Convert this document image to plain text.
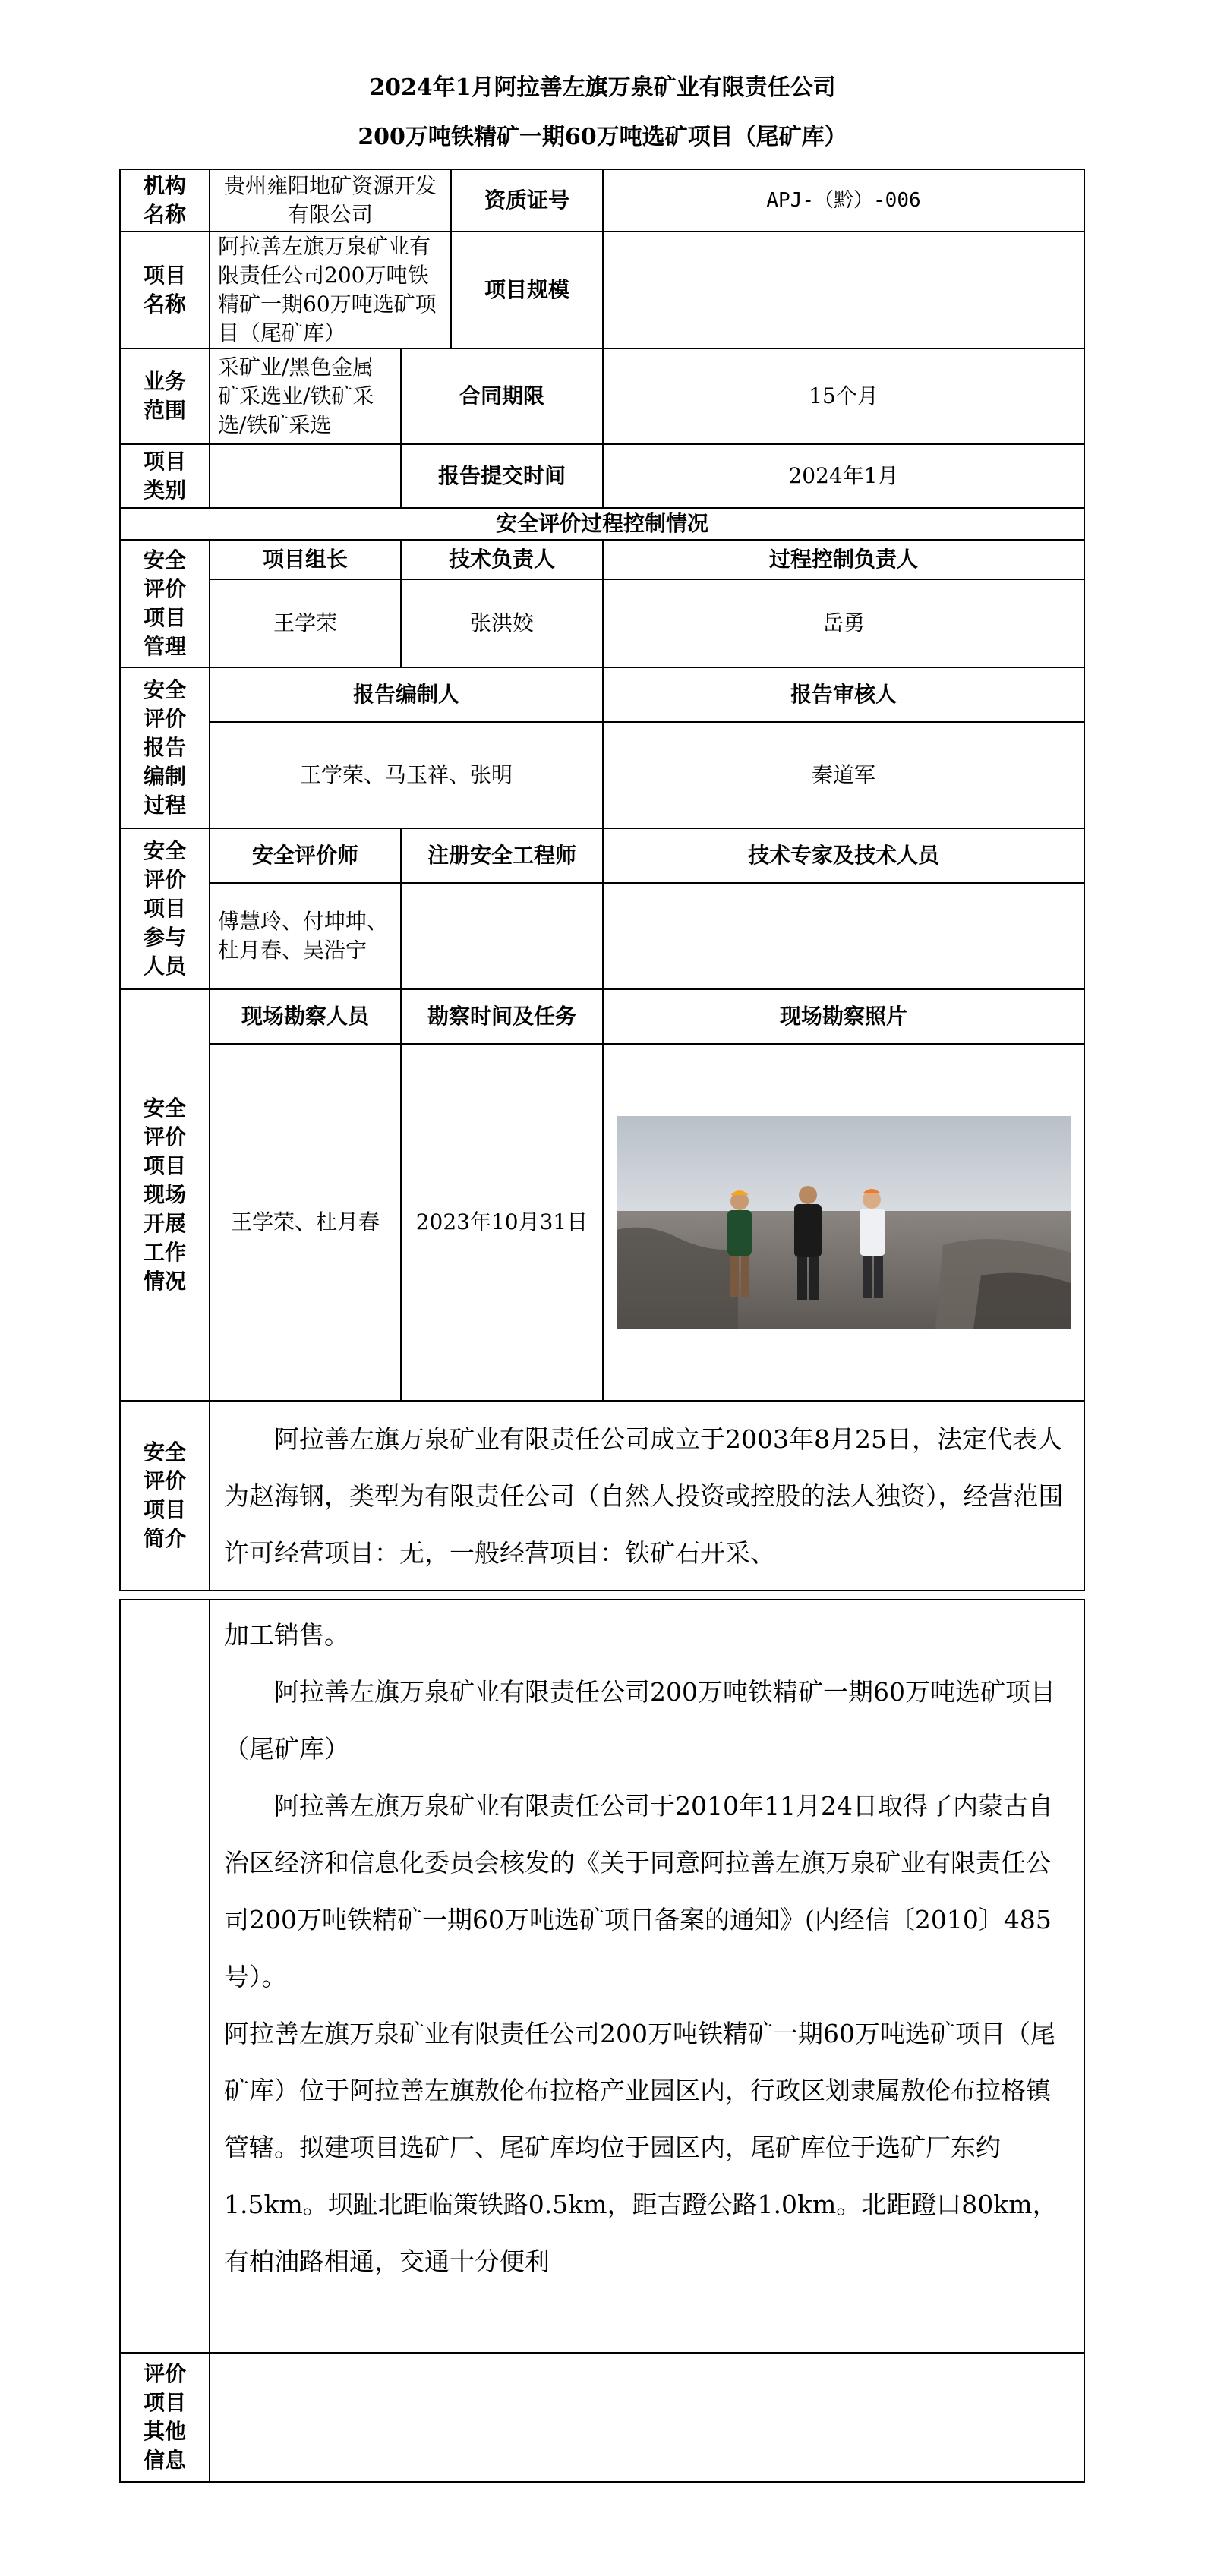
2024年1月阿拉善左旗万泉矿业有限责任公司
200万吨铁精矿一期60万吨选矿项目（尾矿库）
机构名称	贵州雍阳地矿资源开发有限公司		资质证号	APJ-（黔）-006

项目名称	阿拉善左旗万泉矿业有限责任公司200万吨铁精矿一期60万吨选矿项目（尾矿库）		项目规模	

业务范围	采矿业/黑色金属矿采选业/铁矿采选/铁矿采选	合同期限		15个月

项目类别		报告提交时间		2024年1月
安全评价过程控制情况				

安全评价项目管理	项目组长	技术负责人		过程控制负责人
	王学荣	张洪姣		岳勇

安全评价报告编制过程	报告编制人			报告审核人
	王学荣、马玉祥、张明			秦道军

安全评价项目参与人员	安全评价师	注册安全工程师		技术专家及技术人员
	傅慧玲、付坤坤、杜月春、吴浩宁			

安全评价项目现场开展工作情况	现场勘察人员	勘察时间及任务		现场勘察照片
	王学荣、杜月春	2023年10月31日	

安全评价项目简介	阿拉善左旗万泉矿业有限责任公司成立于2003年8月25日，法定代表人为赵海钢，类型为有限责任公司（自然人投资或控股的法人独资），经营范围许可经营项目：无，一般经营项目：铁矿石开采、			

	加工销售。

阿拉善左旗万泉矿业有限责任公司200万吨铁精矿一期60万吨选矿项目（尾矿库）

阿拉善左旗万泉矿业有限责任公司于2010年11月24日取得了内蒙古自治区经济和信息化委员会核发的《关于同意阿拉善左旗万泉矿业有限责任公司200万吨铁精矿一期60万吨选矿项目备案的通知》(内经信〔2010〕485号）。

阿拉善左旗万泉矿业有限责任公司200万吨铁精矿一期60万吨选矿项目（尾矿库）位于阿拉善左旗敖伦布拉格产业园区内，行政区划隶属敖伦布拉格镇管辖。拟建项目选矿厂、尾矿库均位于园区内，尾矿库位于选矿厂东约1.5km。坝趾北距临策铁路0.5km，距吉蹬公路1.0km。北距蹬口80km，有柏油路相通，交通十分便利

评价项目其他信息	
